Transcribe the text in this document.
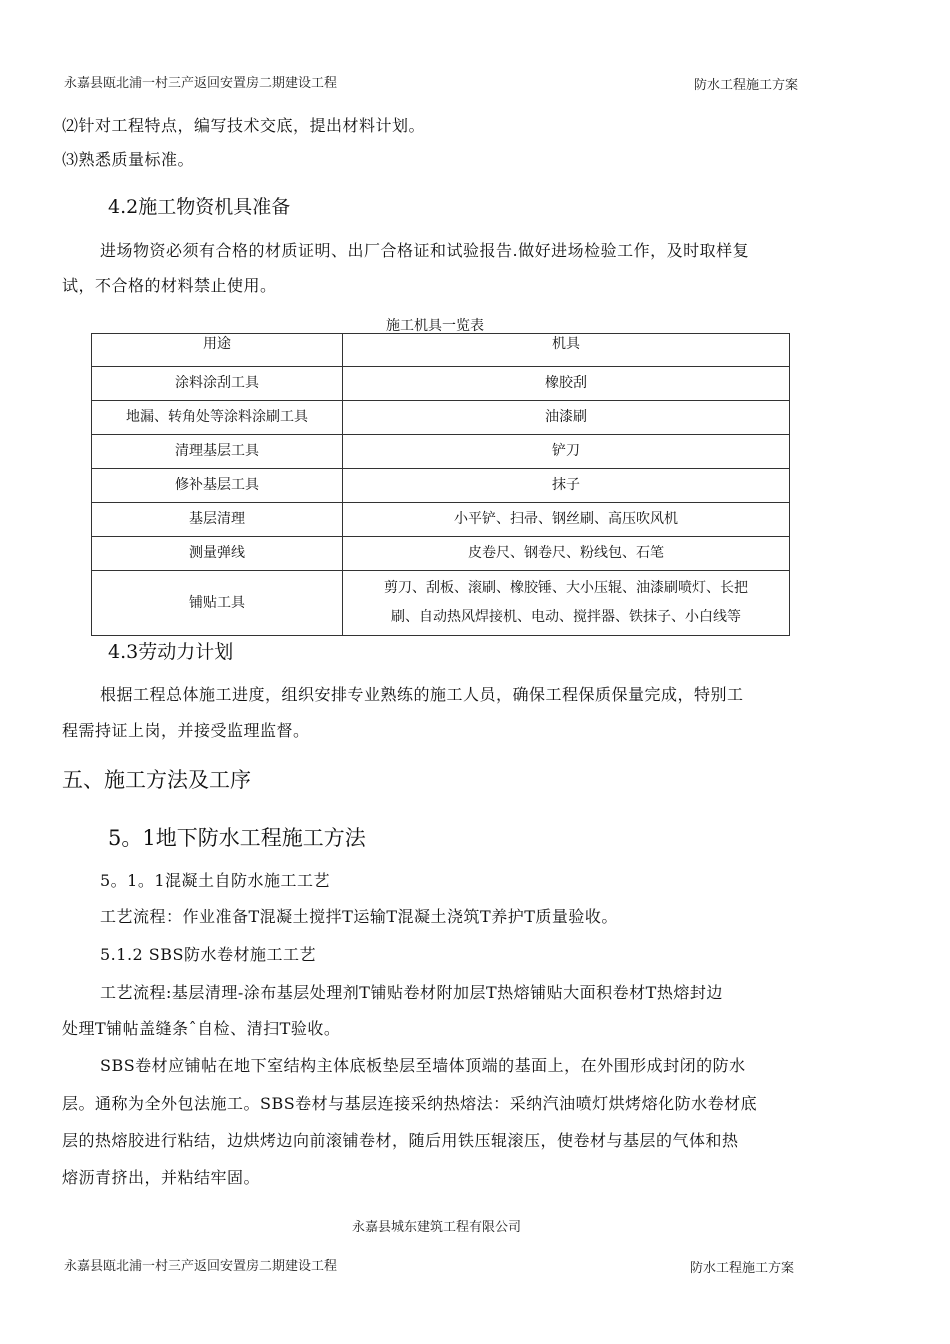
永嘉县瓯北浦一村三产返回安置房二期建设工程	防水工程施工方案
⑵针对工程特点，编写技术交底，提出材料计划。
⑶熟悉质量标准。
4.2施工物资机具准备
进场物资必须有合格的材质证明、出厂合格证和试验报告.做好进场检验工作，及时取样复
试，不合格的材料禁止使用。
施工机具一览表
用途	机具
涂料涂刮工具	橡胶刮
地漏、转角处等涂料涂刷工具	油漆刷
清理基层工具	铲刀
修补基层工具	抹子
基层清理	小平铲、扫帚、钢丝刷、高压吹风机
测量弹线	皮卷尺、钢卷尺、粉线包、石笔
铺贴工具	剪刀、刮板、滚刷、橡胶锤、大小压辊、油漆刷喷灯、长把
刷、自动热风焊接机、电动、搅拌器、铁抹子、小白线等
4.3劳动力计划
根据工程总体施工进度，组织安排专业熟练的施工人员，确保工程保质保量完成，特别工
程需持证上岗，并接受监理监督。
五、施工方法及工序
5。1地下防水工程施工方法
5。1。1混凝土自防水施工工艺
工艺流程：作业准备T混凝土搅拌T运输T混凝土浇筑T养护T质量验收。
5.1.2 SBS防水卷材施工工艺
工艺流程:基层清理-涂布基层处理剂T铺贴卷材附加层T热熔铺贴大面积卷材T热熔封边
处理T铺帖盖缝条ˆ自检、清扫T验收。
SBS卷材应铺帖在地下室结构主体底板垫层至墙体顶端的基面上，在外围形成封闭的防水
层。通称为全外包法施工。SBS卷材与基层连接采纳热熔法：采纳汽油喷灯烘烤熔化防水卷材底
层的热熔胶进行粘结，边烘烤边向前滚铺卷材，随后用铁压辊滚压，使卷材与基层的气体和热
熔沥青挤出，并粘结牢固。
永嘉县城东建筑工程有限公司
永嘉县瓯北浦一村三产返回安置房二期建设工程	防水工程施工方案
